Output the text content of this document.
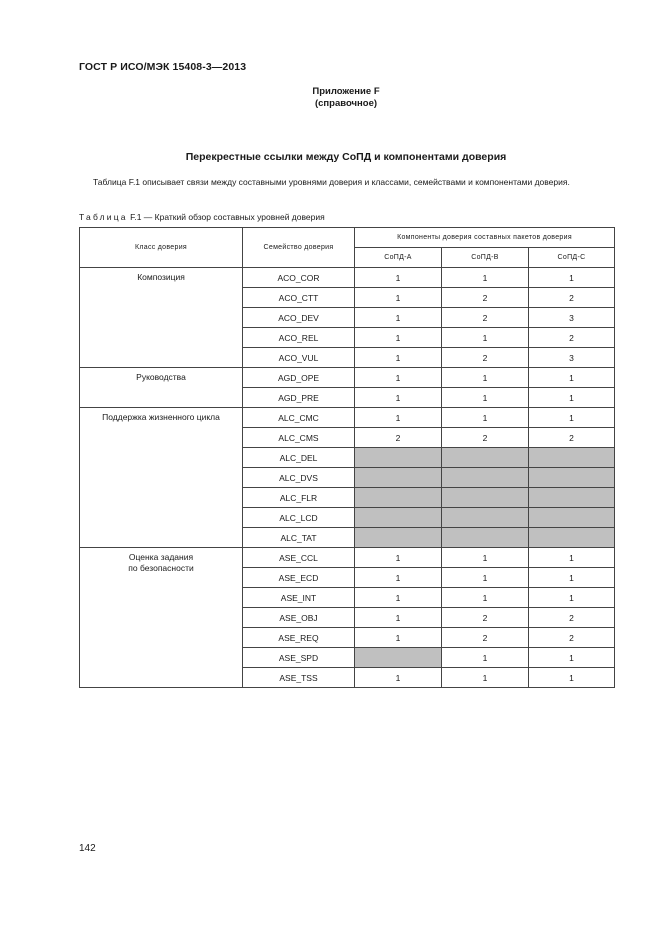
ГОСТ Р ИСО/МЭК 15408-3—2013
Приложение F
(справочное)
Перекрестные ссылки между СоПД и компонентами доверия
Таблица F.1 описывает связи между составными уровнями доверия и классами, семействами и компонентами доверия.
Таблица F.1 — Краткий обзор составных уровней доверия
Класс доверия	Семейство доверия	Компоненты доверия составных пакетов доверия		
		СоПД-А	СоПД-В	СоПД-С

Композиция	ACO_COR	1	1	1
	ACO_CTT	1	2	2
	ACO_DEV	1	2	3
	ACO_REL	1	1	2
	ACO_VUL	1	2	3

Руководства	AGD_OPE	1	1	1
	AGD_PRE	1	1	1

Поддержка жизненного цикла	ALC_CMC	1	1	1
	ALC_CMS	2	2	2
	ALC_DEL			
	ALC_DVS			
	ALC_FLR			
	ALC_LCD			
	ALC_TAT			

Оценка задания
по безопасности	ASE_CCL	1	1	1
	ASE_ECD	1	1	1
	ASE_INT	1	1	1
	ASE_OBJ	1	2	2
	ASE_REQ	1	2	2
	ASE_SPD		1	1
	ASE_TSS	1	1	1
142
